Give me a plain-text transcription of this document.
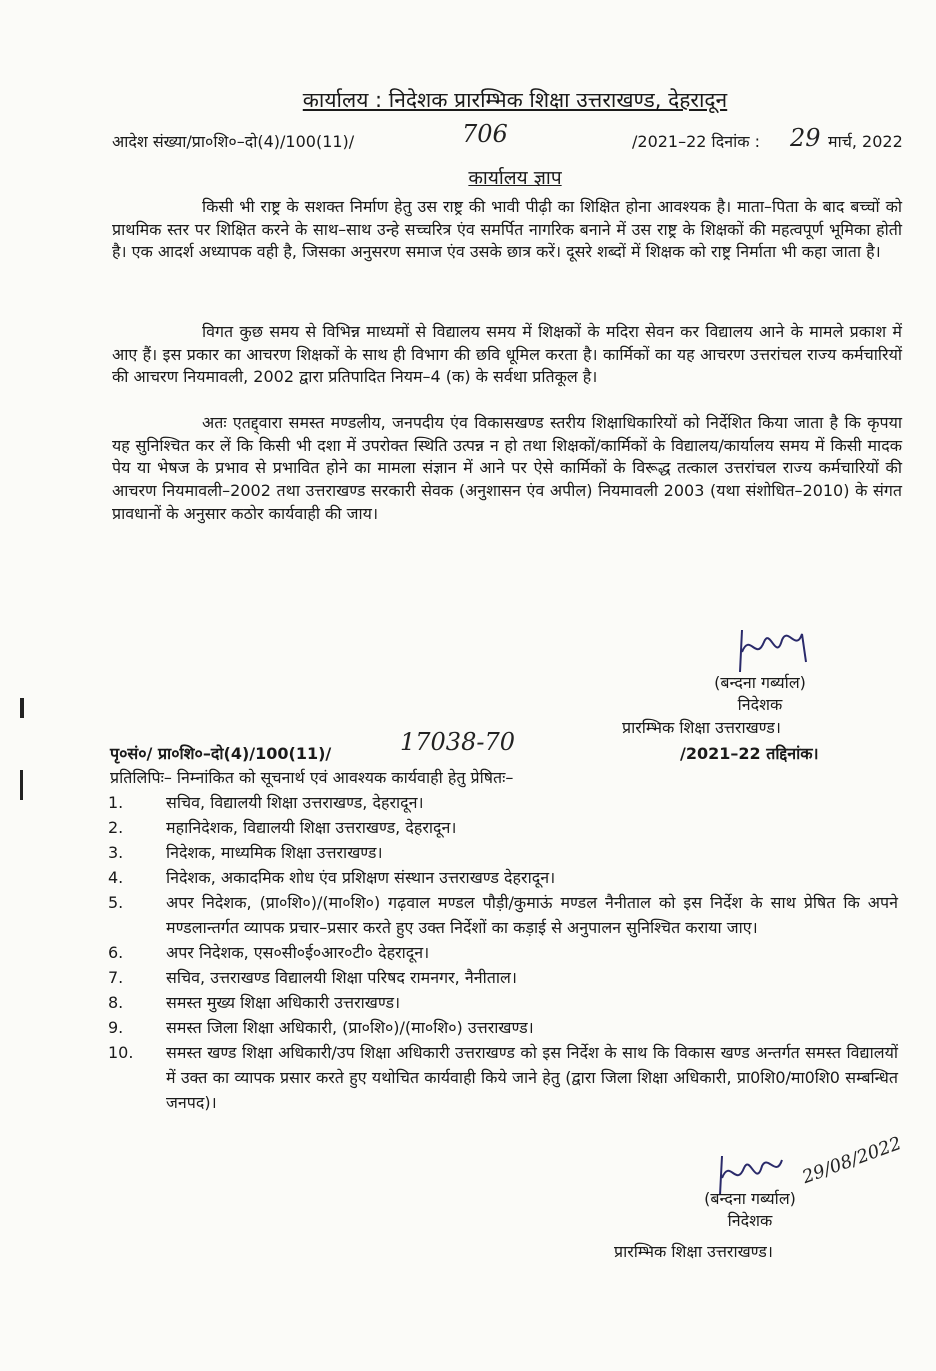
कार्यालय : निदेशक प्रारम्भिक शिक्षा उत्तराखण्ड, देहरादून
आदेश संख्या/प्रा०शि०–दो(4)/100(11)/	706	/2021–22 दिनांक : 29 मार्च, 2022
कार्यालय ज्ञाप

किसी भी राष्ट्र के सशक्त निर्माण हेतु उस राष्ट्र की भावी पीढ़ी का शिक्षित होना आवश्यक है। माता–पिता के बाद बच्चों को प्राथमिक स्तर पर शिक्षित करने के साथ–साथ उन्हे सच्चरित्र एंव समर्पित नागरिक बनाने में उस राष्ट्र के शिक्षकों की महत्वपूर्ण भूमिका होती है। एक आदर्श अध्यापक वही है, जिसका अनुसरण समाज एंव उसके छात्र करें। दूसरे शब्दों में शिक्षक को राष्ट्र निर्माता भी कहा जाता है।

विगत कुछ समय से विभिन्न माध्यमों से विद्यालय समय में शिक्षकों के मदिरा सेवन कर विद्यालय आने के मामले प्रकाश में आए हैं। इस प्रकार का आचरण शिक्षकों के साथ ही विभाग की छवि धूमिल करता है। कार्मिकों का यह आचरण उत्तरांचल राज्य कर्मचारियों की आचरण नियमावली, 2002 द्वारा प्रतिपादित नियम–4 (क) के सर्वथा प्रतिकूल है।

अतः एतद्द्वारा समस्त मण्डलीय, जनपदीय एंव विकासखण्ड स्तरीय शिक्षाधिकारियों को निर्देशित किया जाता है कि कृपया यह सुनिश्चित कर लें कि किसी भी दशा में उपरोक्त स्थिति उत्पन्न न हो तथा शिक्षकों/कार्मिकों के विद्यालय/कार्यालय समय में किसी मादक पेय या भेषज के प्रभाव से प्रभावित होने का मामला संज्ञान में आने पर ऐसे कार्मिकों के विरूद्ध तत्काल उत्तरांचल राज्य कर्मचारियों की आचरण नियमावली–2002 तथा उत्तराखण्ड सरकारी सेवक (अनुशासन एंव अपील) नियमावली 2003 (यथा संशोधित–2010) के संगत प्रावधानों के अनुसार कठोर कार्यवाही की जाय।

(बन्दना गर्ब्याल)
निदेशक
प्रारम्भिक शिक्षा उत्तराखण्ड।
पृ०सं०/ प्रा०शि०–दो(4)/100(11)/	17038-70	/2021–22 तद्दिनांक।
प्रतिलिपिः– निम्नांकित को सूचनार्थ एवं आवश्यक कार्यवाही हेतु प्रेषितः–
1.	सचिव, विद्यालयी शिक्षा उत्तराखण्ड, देहरादून।
2.	महानिदेशक, विद्यालयी शिक्षा उत्तराखण्ड, देहरादून।
3.	निदेशक, माध्यमिक शिक्षा उत्तराखण्ड।
4.	निदेशक, अकादमिक शोध एंव प्रशिक्षण संस्थान उत्तराखण्ड देहरादून।
5.	अपर निदेशक, (प्रा०शि०)/(मा०शि०) गढ़वाल मण्डल पौड़ी/कुमाऊं मण्डल नैनीताल को इस निर्देश के साथ प्रेषित कि अपने मण्डलान्तर्गत व्यापक प्रचार–प्रसार करते हुए उक्त निर्देशों का कड़ाई से अनुपालन सुनिश्चित कराया जाए।
6.	अपर निदेशक, एस०सी०ई०आर०टी० देहरादून।
7.	सचिव, उत्तराखण्ड विद्यालयी शिक्षा परिषद रामनगर, नैनीताल।
8.	समस्त मुख्य शिक्षा अधिकारी उत्तराखण्ड।
9.	समस्त जिला शिक्षा अधिकारी, (प्रा०शि०)/(मा०शि०) उत्तराखण्ड।
10. समस्त खण्ड शिक्षा अधिकारी/उप शिक्षा अधिकारी उत्तराखण्ड को इस निर्देश के साथ कि विकास खण्ड अन्तर्गत समस्त विद्यालयों में उक्त का व्यापक प्रसार करते हुए यथोचित कार्यवाही किये जाने हेतु (द्वारा जिला शिक्षा अधिकारी, प्रा0शि0/मा0शि0 सम्बन्धित जनपद)।
29/08/2022
(बन्दना गर्ब्याल)
निदेशक
प्रारम्भिक शिक्षा उत्तराखण्ड।
